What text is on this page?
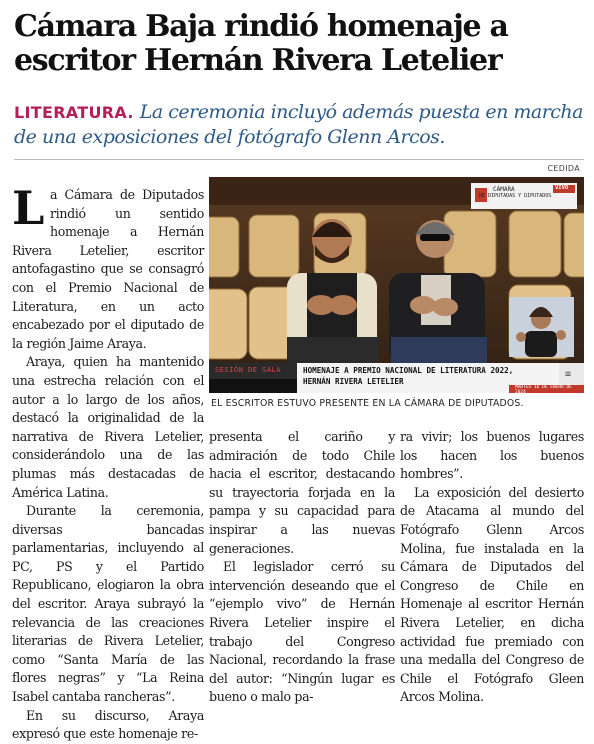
Cámara Baja rindió homenaje a escritor Hernán Rivera Letelier

LITERATURA. La ceremonia incluyó además puesta en marcha de una exposiciones del fotógrafo Glenn Arcos.

CEDIDA
CÁMARA
DE DIPUTADAS Y DIPUTADOS
VIVO
SESIÓN DE SALA	HOMENAJE A PREMIO NACIONAL DE LITERATURA 2022,
HERNÁN RIVERA LETELIER
MARTES 16 DE ENERO DE 2024
≡
EL ESCRITOR ESTUVO PRESENTE EN LA CÁMARA DE DIPUTADOS.

La Cámara de Diputados rindió un sentido homenaje a Hernán Rivera Letelier, escritor antofagastino que se consagró con el Premio Nacional de Literatura, en un acto encabezado por el diputado de la región Jaime Araya.

Araya, quien ha mantenido una estrecha relación con el autor a lo largo de los años, destacó la originalidad de la narrativa de Rivera Letelier, considerándolo una de las plumas más destacadas de América Latina.

Durante la ceremonia, diversas bancadas parlamentarias, incluyendo al PC, PS y el Partido Republicano, elogiaron la obra del escritor. Araya subrayó la relevancia de las creaciones literarias de Rivera Letelier, como “Santa María de las flores negras” y “La Reina Isabel cantaba rancheras”.

En su discurso, Araya expresó que este homenaje re-

presenta el cariño y admiración de todo Chile hacia el escritor, destacando su trayectoria forjada en la pampa y su capacidad para inspirar a las nuevas generaciones.

El legislador cerró su intervención deseando que el “ejemplo vivo” de Hernán Rivera Letelier inspire el trabajo del Congreso Nacional, recordando la frase del autor: “Ningún lugar es bueno o malo pa-

ra vivir; los buenos lugares los hacen los buenos hombres”.

La exposición del desierto de Atacama al mundo del Fotógrafo Glenn Arcos Molina, fue instalada en la Cámara de Diputados del Congreso de Chile en Homenaje al escritor Hernán Rivera Letelier, en dicha actividad fue premiado con una medalla del Congreso de Chile el Fotógrafo Gleen Arcos Molina.
